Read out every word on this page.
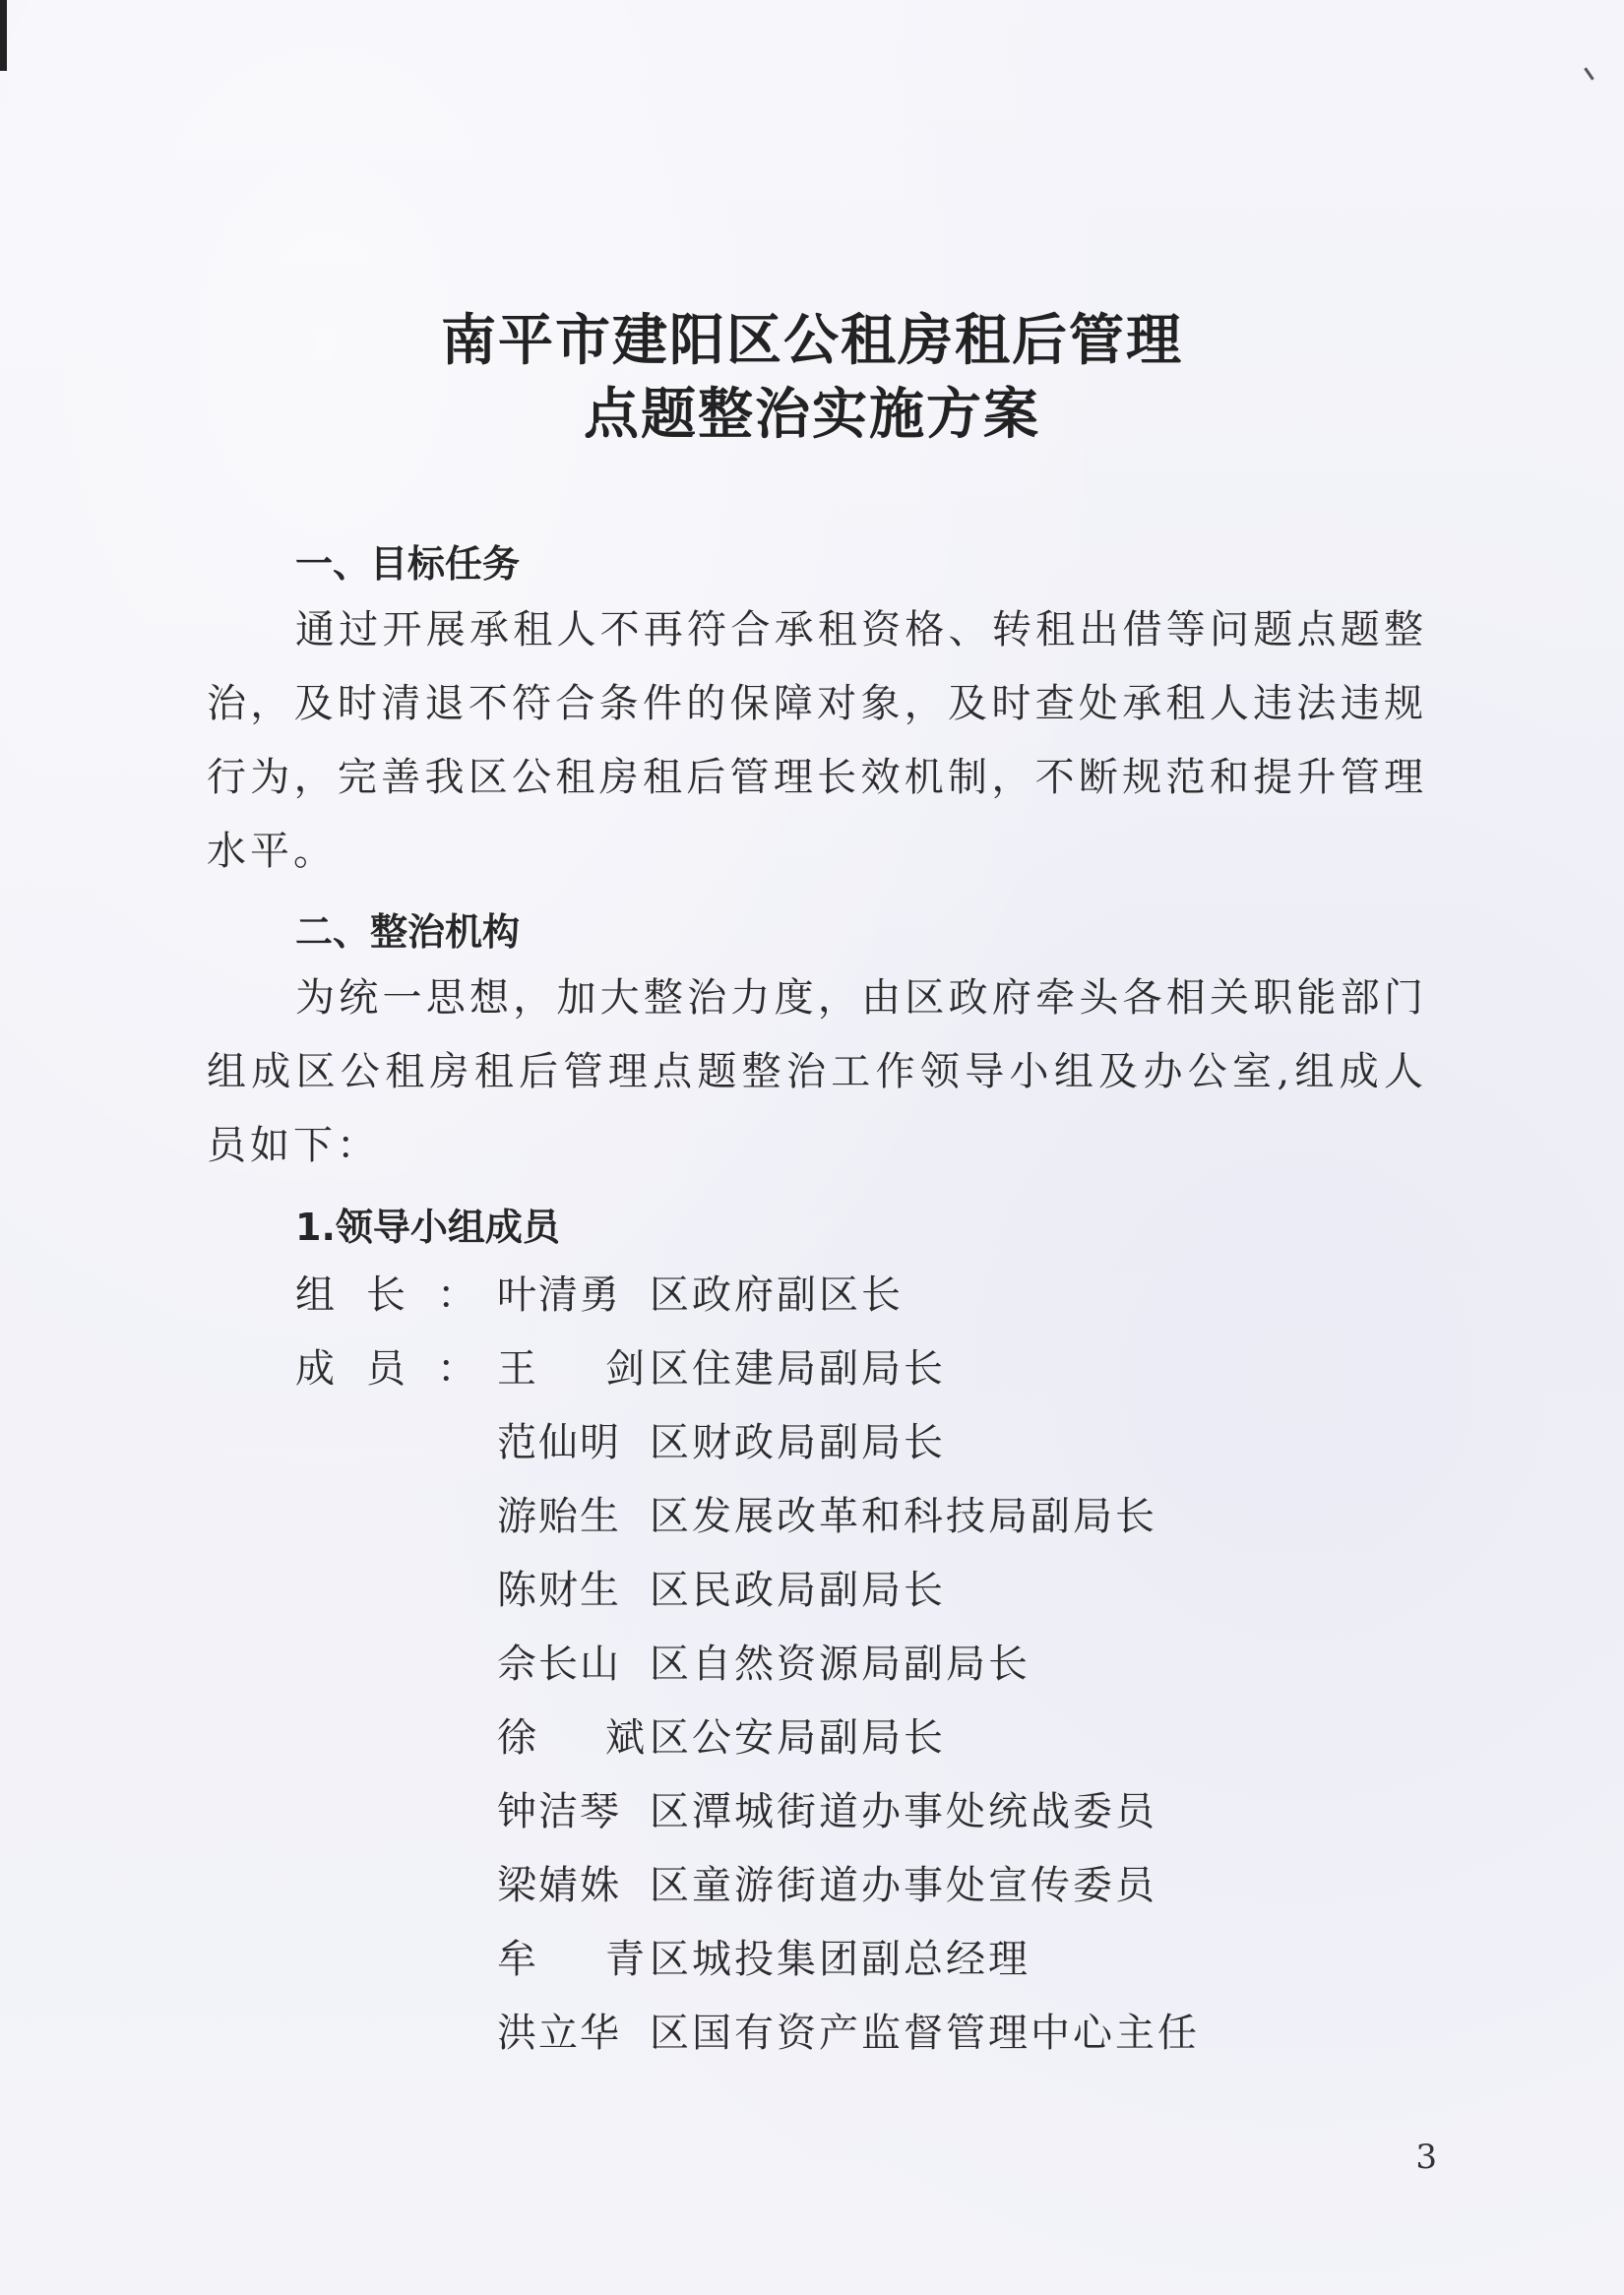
南平市建阳区公租房租后管理
点题整治实施方案
一、目标任务

通过开展承租人不再符合承租资格、转租出借等问题点题整治，及时清退不符合条件的保障对象，及时查处承租人违法违规行为，完善我区公租房租后管理长效机制，不断规范和提升管理水平。

二、整治机构

为统一思想，加大整治力度，由区政府牵头各相关职能部门组成区公租房租后管理点题整治工作领导小组及办公室,组成人员如下：

1.领导小组成员
组长：
叶清勇 区政府副区长
成员：
王剑
区住建局副局长
范仙明 区财政局副局长
游贻生 区发展改革和科技局副局长
陈财生 区民政局副局长
佘长山 区自然资源局副局长
徐斌
区公安局副局长
钟洁琴 区潭城街道办事处统战委员
梁婧姝 区童游街道办事处宣传委员
牟青
区城投集团副总经理
洪立华 区国有资产监督管理中心主任
3
